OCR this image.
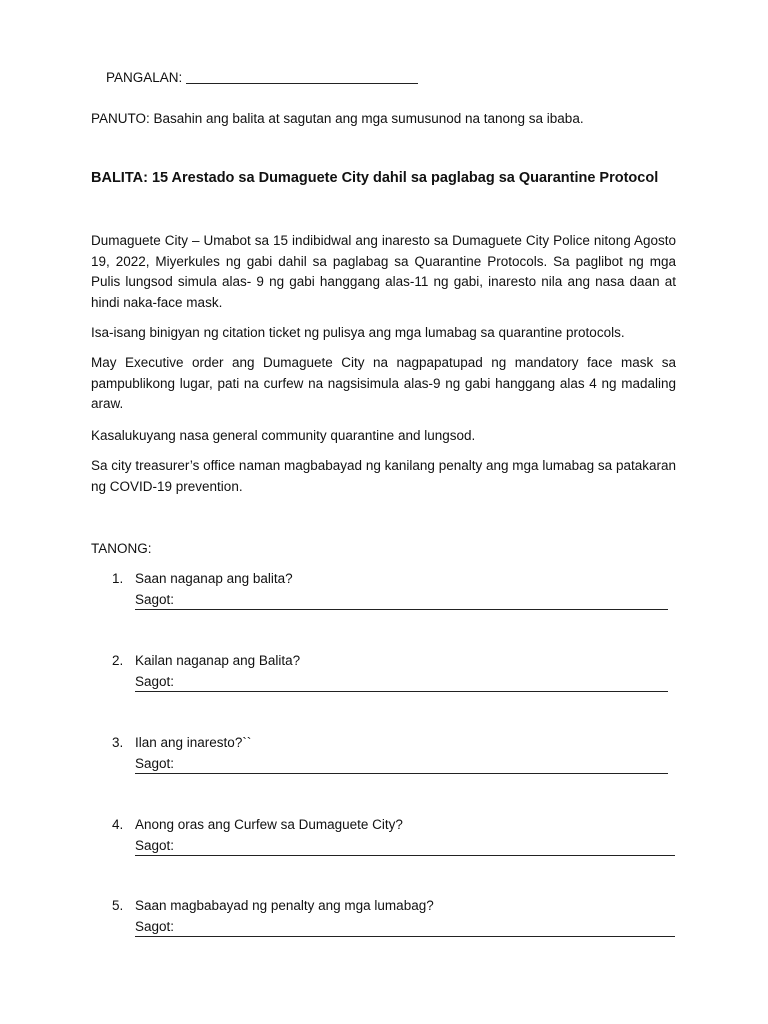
PANGALAN:

PANUTO: Basahin ang balita at sagutan ang mga sumusunod na tanong sa ibaba.
BALITA: 15 Arestado sa Dumaguete City dahil sa paglabag sa Quarantine Protocol
Dumaguete City – Umabot sa 15 indibidwal ang inaresto sa Dumaguete City Police nitong Agosto 19, 2022, Miyerkules ng gabi dahil sa paglabag sa Quarantine Protocols. Sa paglibot ng mga Pulis lungsod simula alas- 9 ng gabi hanggang alas-11 ng gabi, inaresto nila ang nasa daan at hindi naka-face mask.
Isa-isang binigyan ng citation ticket ng pulisya ang mga lumabag sa quarantine protocols.
May Executive order ang Dumaguete City na nagpapatupad ng mandatory face mask sa pampublikong lugar, pati na curfew na nagsisimula alas-9 ng gabi hanggang alas 4 ng madaling araw.
Kasalukuyang nasa general community quarantine and lungsod.
Sa city treasurer’s office naman magbabayad ng kanilang penalty ang mga lumabag sa patakaran ng COVID-19 prevention.
TANONG:
1. Saan naganap ang balita?
Sagot:
2. Kailan naganap ang Balita?
Sagot:
3. Ilan ang inaresto?``
Sagot:
4. Anong oras ang Curfew sa Dumaguete City?
Sagot:
5. Saan magbabayad ng penalty ang mga lumabag?
Sagot:
